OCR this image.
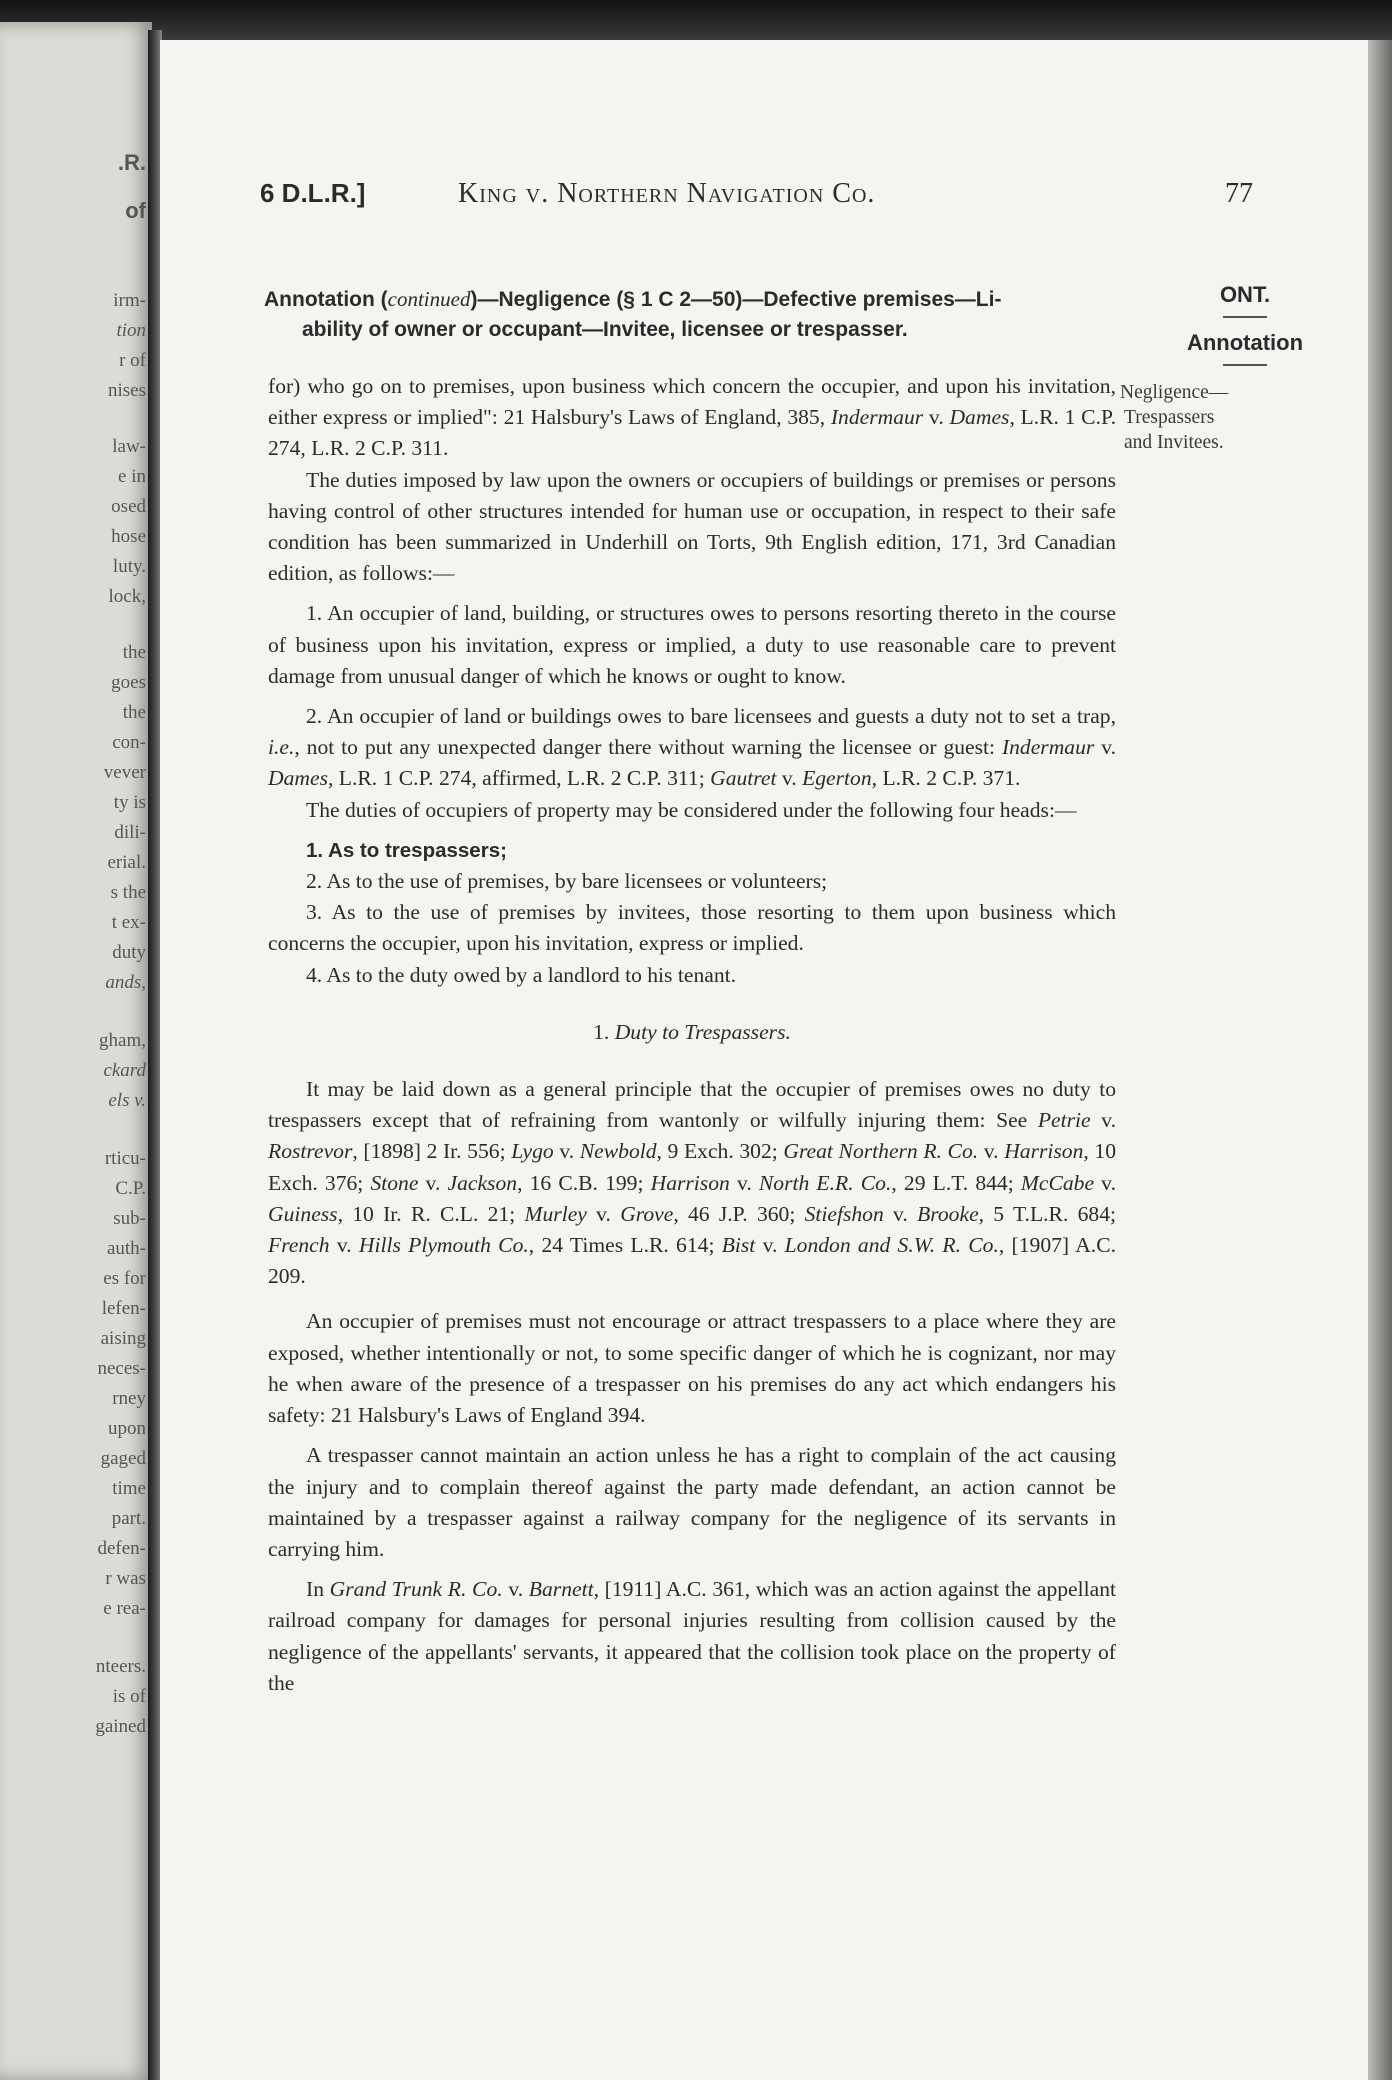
.R.
of
irm-
tion
r of
nises
law-
e in
osed
hose
luty.
lock,
the
goes
the
con-
vever
ty is
dili-
erial.
s the
t ex-
duty
ands,
gham,
ckard
els v.
rticu-
C.P.
sub-
auth-
es for
lefen-
aising
neces-
rney
upon
gaged
time
part.
defen-
r was
e rea-
nteers.
is of
gained
6 D.L.R.]	King v. Northern Navigation Co.	77
ONT.
Annotation
Negligence—
Trespassers
and Invitees.
Annotation (continued)—Negligence (§ 1 C 2—50)—Defective premises—Li-
ability of owner or occupant—Invitee, licensee or trespasser.

for) who go on to premises, upon business which concern the occupier, and upon his invitation, either express or implied": 21 Halsbury's Laws of England, 385, Indermaur v. Dames, L.R. 1 C.P. 274, L.R. 2 C.P. 311.

The duties imposed by law upon the owners or occupiers of buildings or premises or persons having control of other structures intended for human use or occupation, in respect to their safe condition has been summarized in Underhill on Torts, 9th English edition, 171, 3rd Canadian edition, as follows:—

1. An occupier of land, building, or structures owes to persons resorting thereto in the course of business upon his invitation, express or implied, a duty to use reasonable care to prevent damage from unusual danger of which he knows or ought to know.

2. An occupier of land or buildings owes to bare licensees and guests a duty not to set a trap, i.e., not to put any unexpected danger there without warning the licensee or guest: Indermaur v. Dames, L.R. 1 C.P. 274, affirmed, L.R. 2 C.P. 311; Gautret v. Egerton, L.R. 2 C.P. 371.

The duties of occupiers of property may be considered under the following four heads:—

1. As to trespassers;

2. As to the use of premises, by bare licensees or volunteers;

3. As to the use of premises by invitees, those resorting to them upon business which concerns the occupier, upon his invitation, express or implied.

4. As to the duty owed by a landlord to his tenant.

1. Duty to Trespassers.

It may be laid down as a general principle that the occupier of premises owes no duty to trespassers except that of refraining from wantonly or wilfully injuring them: See Petrie v. Rostrevor, [1898] 2 Ir. 556; Lygo v. Newbold, 9 Exch. 302; Great Northern R. Co. v. Harrison, 10 Exch. 376; Stone v. Jackson, 16 C.B. 199; Harrison v. North E.R. Co., 29 L.T. 844; McCabe v. Guiness, 10 Ir. R. C.L. 21; Murley v. Grove, 46 J.P. 360; Stiefshon v. Brooke, 5 T.L.R. 684; French v. Hills Plymouth Co., 24 Times L.R. 614; Bist v. London and S.W. R. Co., [1907] A.C. 209.

An occupier of premises must not encourage or attract trespassers to a place where they are exposed, whether intentionally or not, to some specific danger of which he is cognizant, nor may he when aware of the presence of a trespasser on his premises do any act which endangers his safety: 21 Halsbury's Laws of England 394.

A trespasser cannot maintain an action unless he has a right to complain of the act causing the injury and to complain thereof against the party made defendant, an action cannot be maintained by a trespasser against a railway company for the negligence of its servants in carrying him.

In Grand Trunk R. Co. v. Barnett, [1911] A.C. 361, which was an action against the appellant railroad company for damages for personal injuries resulting from collision caused by the negligence of the appellants' servants, it appeared that the collision took place on the property of the
